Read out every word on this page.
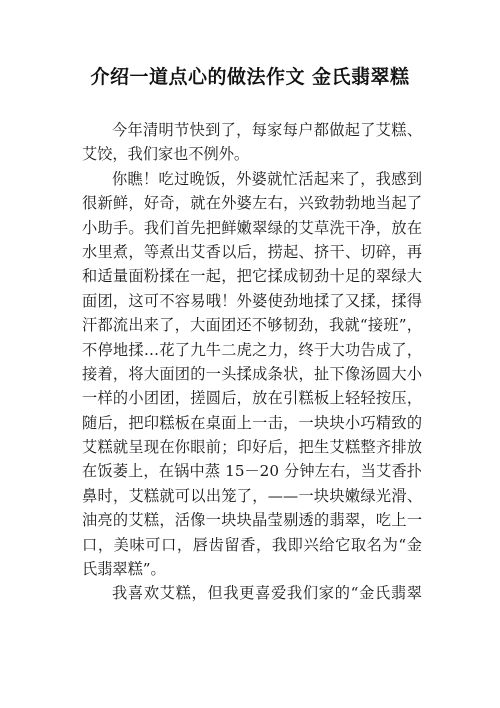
介绍一道点心的做法作文 金氏翡翠糕
今年清明节快到了，每家每户都做起了艾糕、
艾饺，我们家也不例外。
你瞧！吃过晚饭，外婆就忙活起来了，我感到
很新鲜，好奇，就在外婆左右，兴致勃勃地当起了
小助手。我们首先把鲜嫩翠绿的艾草洗干净，放在
水里煮，等煮出艾香以后，捞起、挤干、切碎，再
和适量面粉揉在一起，把它揉成韧劲十足的翠绿大
面团，这可不容易哦！外婆使劲地揉了又揉，揉得
汗都流出来了，大面团还不够韧劲，我就“接班”，
不停地揉…花了九牛二虎之力，终于大功告成了，
接着，将大面团的一头揉成条状，扯下像汤圆大小
一样的小团团，搓圆后，放在引糕板上轻轻按压，
随后，把印糕板在桌面上一击，一块块小巧精致的
艾糕就呈现在你眼前；印好后，把生艾糕整齐排放
在饭萎上，在锅中蒸 15－20 分钟左右，当艾香扑
鼻时，艾糕就可以出笼了，——一块块嫩绿光滑、
油亮的艾糕，活像一块块晶莹剔透的翡翠，吃上一
口，美味可口，唇齿留香，我即兴给它取名为“金
氏翡翠糕”。
我喜欢艾糕，但我更喜爱我们家的“金氏翡翠
